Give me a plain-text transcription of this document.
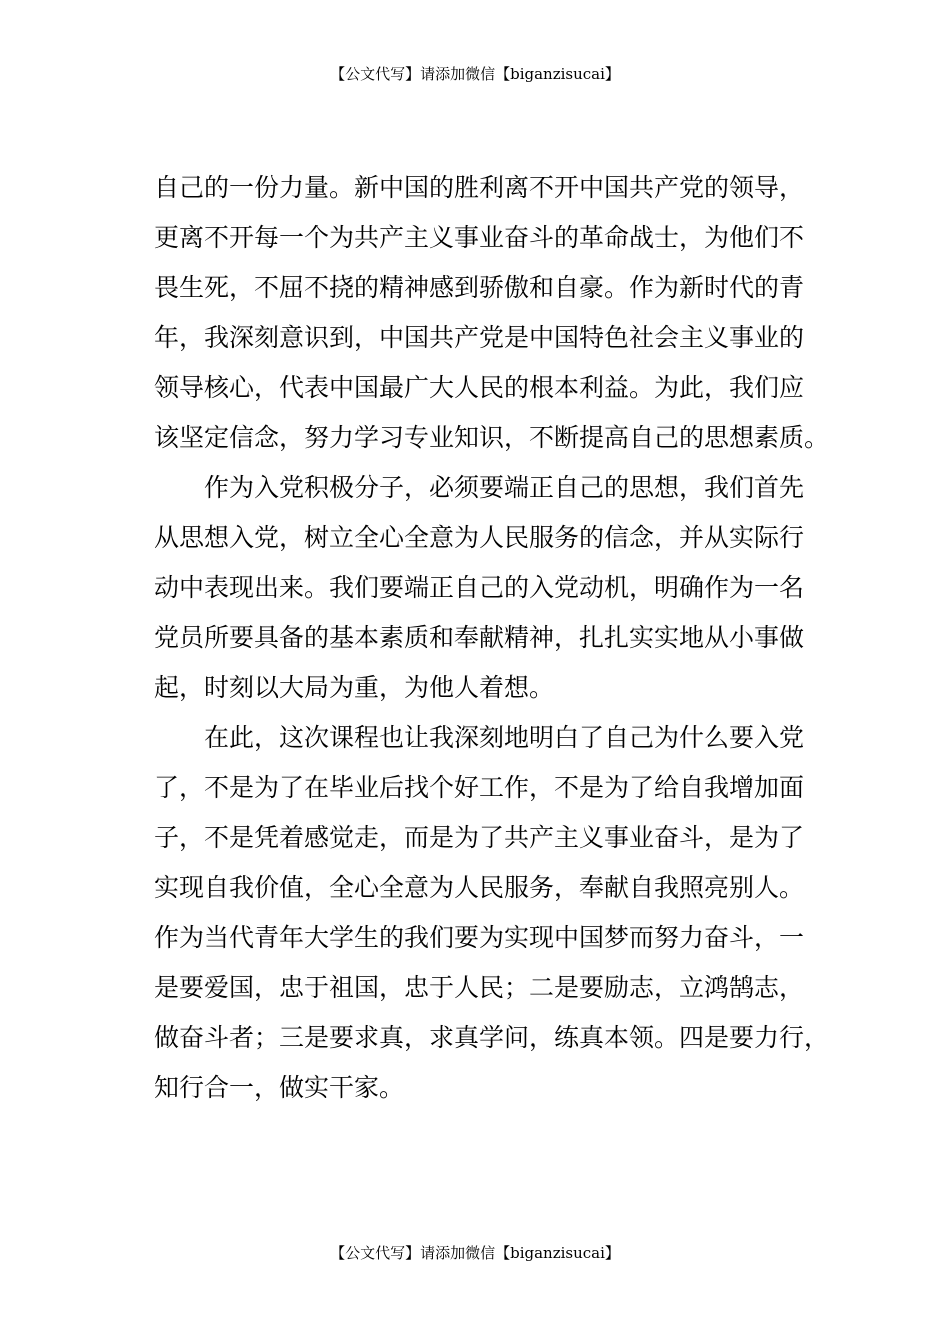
【公文代写】请添加微信【biganzisucai】
自己的一份力量。新中国的胜利离不开中国共产党的领导，
更离不开每一个为共产主义事业奋斗的革命战士，为他们不
畏生死，不屈不挠的精神感到骄傲和自豪。作为新时代的青
年，我深刻意识到，中国共产党是中国特色社会主义事业的
领导核心，代表中国最广大人民的根本利益。为此，我们应
该坚定信念，努力学习专业知识，不断提高自己的思想素质。
作为入党积极分子，必须要端正自己的思想，我们首先
从思想入党，树立全心全意为人民服务的信念，并从实际行
动中表现出来。我们要端正自己的入党动机，明确作为一名
党员所要具备的基本素质和奉献精神，扎扎实实地从小事做
起，时刻以大局为重，为他人着想。
在此，这次课程也让我深刻地明白了自己为什么要入党
了，不是为了在毕业后找个好工作，不是为了给自我增加面
子，不是凭着感觉走，而是为了共产主义事业奋斗，是为了
实现自我价值，全心全意为人民服务，奉献自我照亮别人。
作为当代青年大学生的我们要为实现中国梦而努力奋斗，一
是要爱国，忠于祖国，忠于人民；二是要励志，立鸿鹄志，
做奋斗者；三是要求真，求真学问，练真本领。四是要力行，
知行合一，做实干家。
【公文代写】请添加微信【biganzisucai】
